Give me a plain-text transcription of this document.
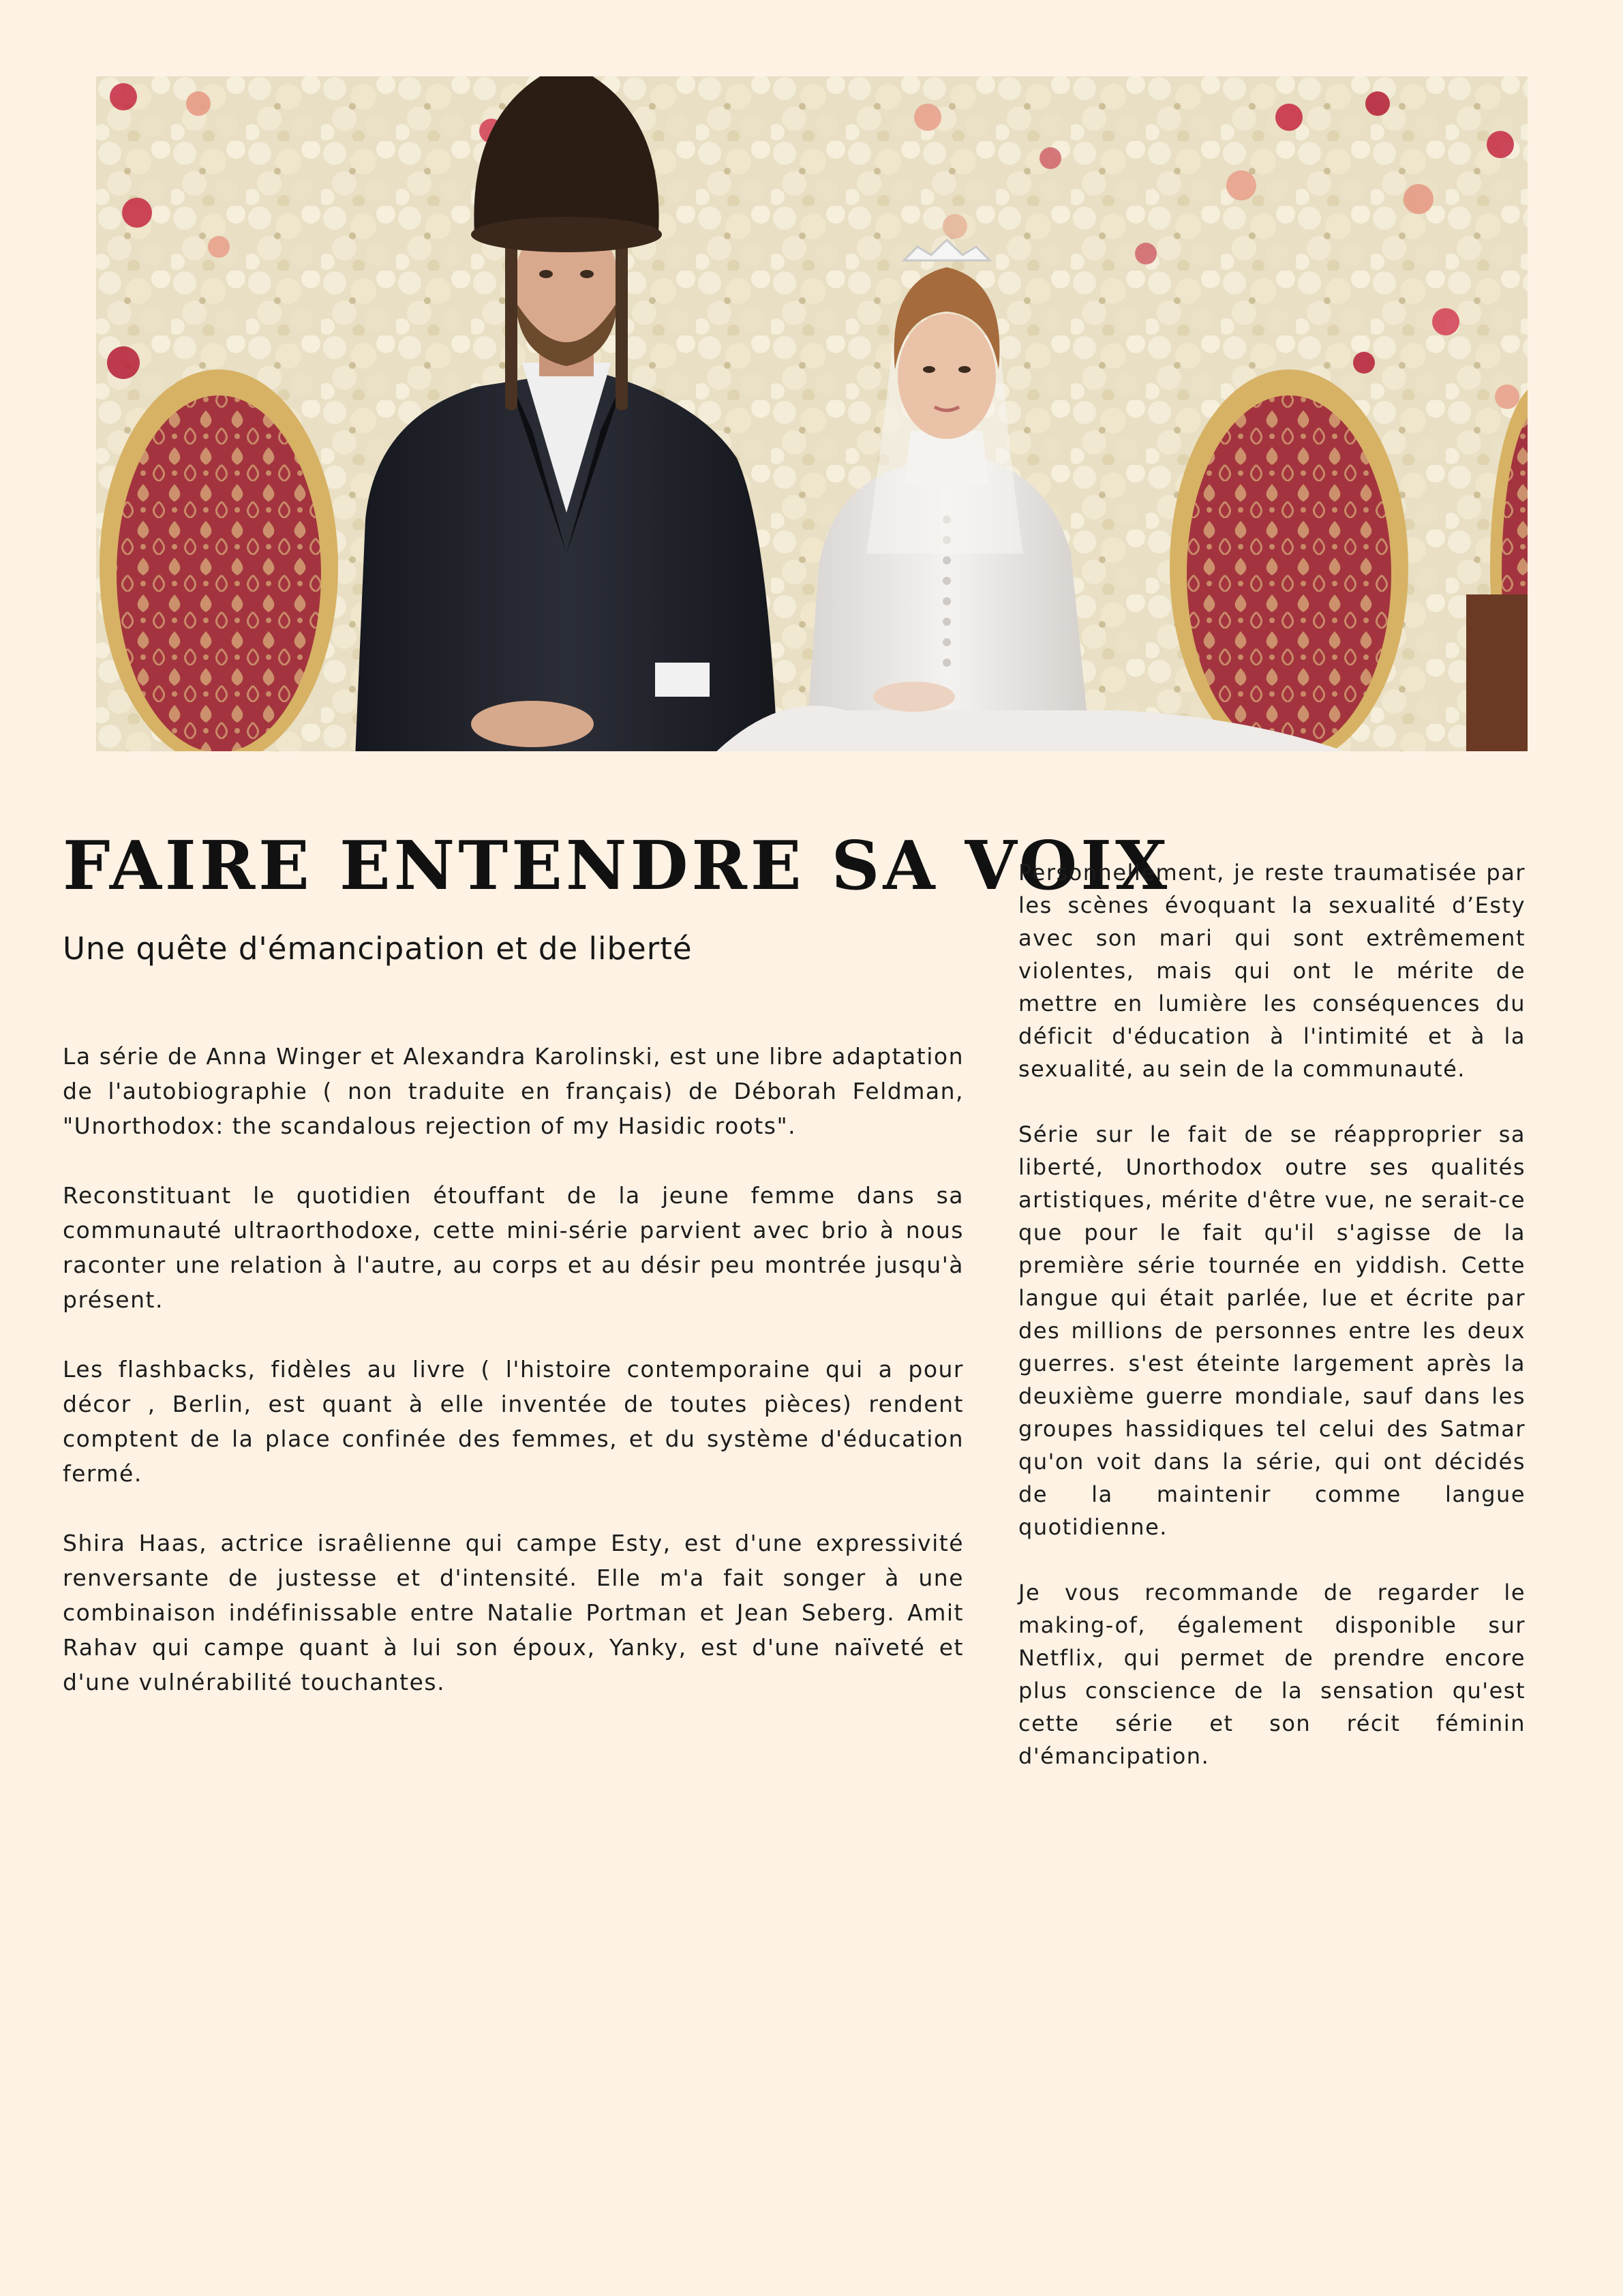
FAIRE ENTENDRE SA VOIX
Une quête d'émancipation et de liberté

La série de Anna Winger et Alexandra Karolinski, est une libre adaptation de l'autobiographie ( non traduite en français) de Déborah Feldman, "Unorthodox: the scandalous rejection of my Hasidic roots".

Reconstituant le quotidien étouffant de la jeune femme dans sa communauté ultraorthodoxe, cette mini-série parvient avec brio à nous raconter une relation à l'autre, au corps et au désir peu montrée jusqu'à présent.

Les flashbacks, fidèles au livre ( l'histoire contemporaine qui a pour décor , Berlin, est quant à elle inventée de toutes pièces) rendent comptent de la place confinée des femmes, et du système d'éducation fermé.

Shira Haas, actrice israêlienne qui campe Esty, est d'une expressivité renversante de justesse et d'intensité. Elle m'a fait songer à une combinaison indéfinissable entre Natalie Portman et Jean Seberg. Amit Rahav qui campe quant à lui son époux, Yanky, est d'une naïveté et d'une vulnérabilité touchantes.

Personnellement, je reste traumatisée par les scènes évoquant la sexualité d’Esty avec son mari qui sont extrêmement violentes, mais qui ont le mérite de mettre en lumière les conséquences du déficit d'éducation à l'intimité et à la sexualité, au sein de la communauté.

Série sur le fait de se réapproprier sa liberté, Unorthodox outre ses qualités artistiques, mérite d'être vue, ne serait-ce que pour le fait qu'il s'agisse de la première série tournée en yiddish. Cette langue qui était parlée, lue et écrite par des millions de personnes entre les deux guerres. s'est éteinte largement après la deuxième guerre mondiale, sauf dans les groupes hassidiques tel celui des Satmar qu'on voit dans la série, qui ont décidés de la maintenir comme langue quotidienne.

Je vous recommande de regarder le making-of, également disponible sur Netflix, qui permet de prendre encore plus conscience de la sensation qu'est cette série et son récit féminin d'émancipation.
